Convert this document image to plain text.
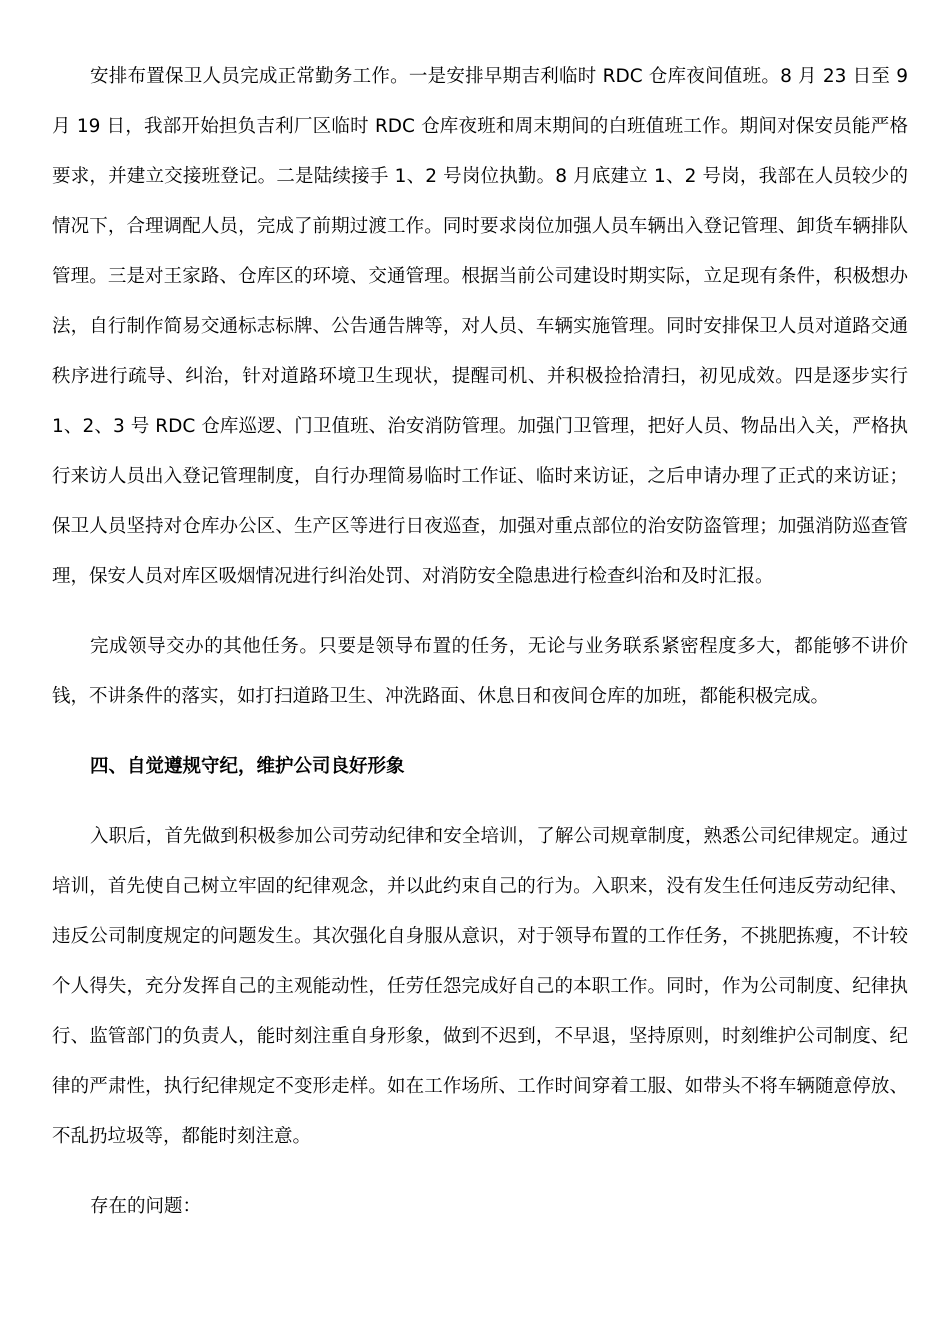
安排布置保卫人员完成正常勤务工作。一是安排早期吉利临时 RDC 仓库夜间值班。8 月 23 日至 9 月 19 日，我部开始担负吉利厂区临时 RDC 仓库夜班和周末期间的白班值班工作。期间对保安员能严格要求，并建立交接班登记。二是陆续接手 1、2 号岗位执勤。8 月底建立 1、2 号岗，我部在人员较少的情况下，合理调配人员，完成了前期过渡工作。同时要求岗位加强人员车辆出入登记管理、卸货车辆排队管理。三是对王家路、仓库区的环境、交通管理。根据当前公司建设时期实际，立足现有条件，积极想办法，自行制作简易交通标志标牌、公告通告牌等，对人员、车辆实施管理。同时安排保卫人员对道路交通秩序进行疏导、纠治，针对道路环境卫生现状，提醒司机、并积极捡拾清扫，初见成效。四是逐步实行 1、2、3 号 RDC 仓库巡逻、门卫值班、治安消防管理。加强门卫管理，把好人员、物品出入关，严格执行来访人员出入登记管理制度，自行办理简易临时工作证、临时来访证，之后申请办理了正式的来访证；保卫人员坚持对仓库办公区、生产区等进行日夜巡查，加强对重点部位的治安防盗管理；加强消防巡查管理，保安人员对库区吸烟情况进行纠治处罚、对消防安全隐患进行检查纠治和及时汇报。

完成领导交办的其他任务。只要是领导布置的任务，无论与业务联系紧密程度多大，都能够不讲价钱，不讲条件的落实，如打扫道路卫生、冲洗路面、休息日和夜间仓库的加班，都能积极完成。

四、自觉遵规守纪，维护公司良好形象

入职后，首先做到积极参加公司劳动纪律和安全培训，了解公司规章制度，熟悉公司纪律规定。通过培训，首先使自己树立牢固的纪律观念，并以此约束自己的行为。入职来，没有发生任何违反劳动纪律、违反公司制度规定的问题发生。其次强化自身服从意识，对于领导布置的工作任务，不挑肥拣瘦，不计较个人得失，充分发挥自己的主观能动性，任劳任怨完成好自己的本职工作。同时，作为公司制度、纪律执行、监管部门的负责人，能时刻注重自身形象，做到不迟到，不早退，坚持原则，时刻维护公司制度、纪律的严肃性，执行纪律规定不变形走样。如在工作场所、工作时间穿着工服、如带头不将车辆随意停放、不乱扔垃圾等，都能时刻注意。

存在的问题：
